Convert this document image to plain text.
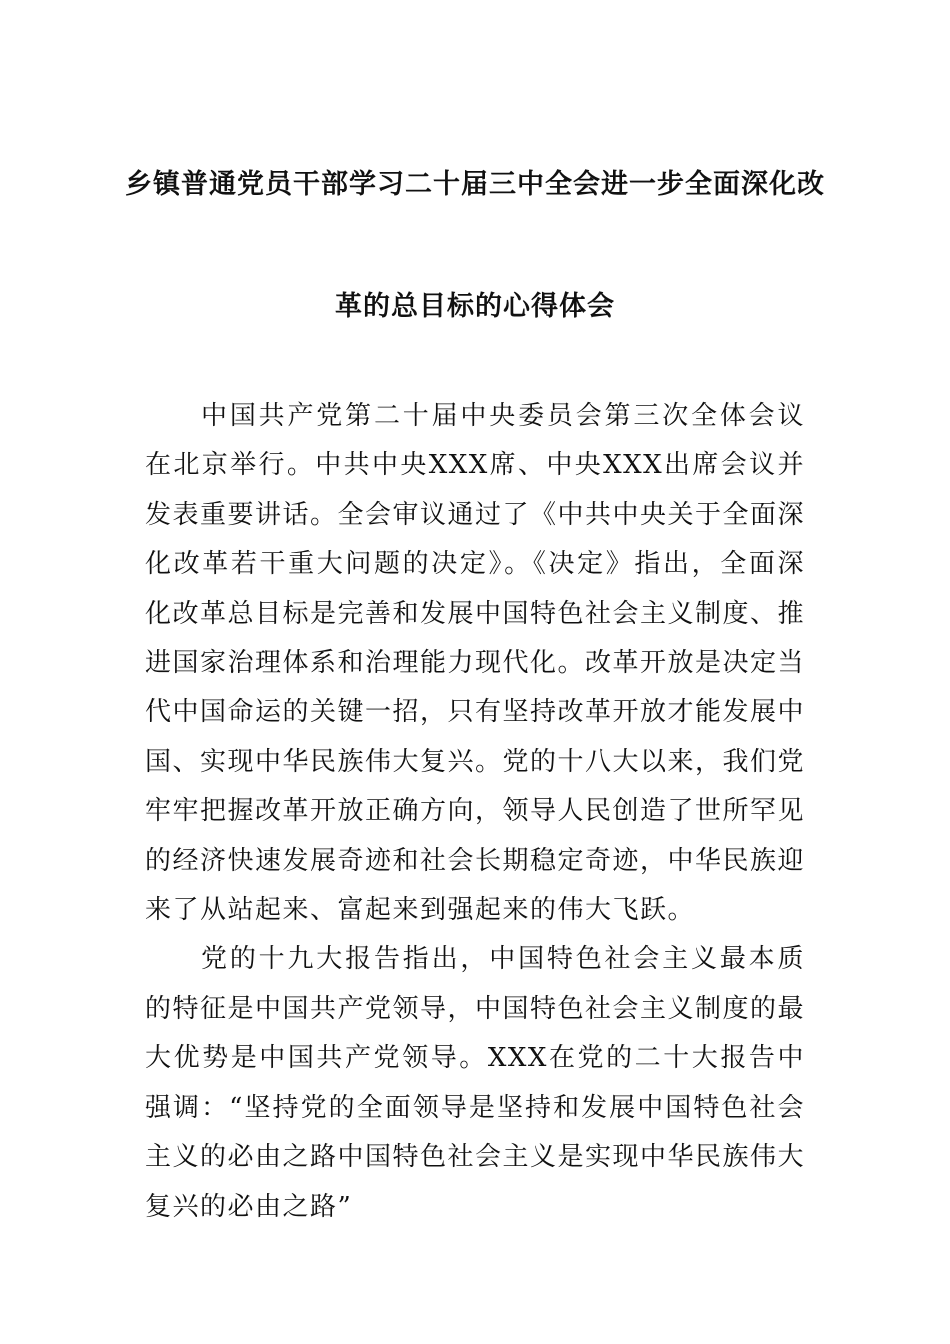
乡镇普通党员干部学习二十届三中全会进一步全面深化改
革的总目标的心得体会

中国共产党第二十届中央委员会第三次全体会议在北京举行。中共中央XXX席、中央XXX出席会议并发表重要讲话。全会审议通过了《中共中央关于全面深化改革若干重大问题的决定》。《决定》指出，全面深化改革总目标是完善和发展中国特色社会主义制度、推进国家治理体系和治理能力现代化。改革开放是决定当代中国命运的关键一招，只有坚持改革开放才能发展中国、实现中华民族伟大复兴。党的十八大以来，我们党牢牢把握改革开放正确方向，领导人民创造了世所罕见的经济快速发展奇迹和社会长期稳定奇迹，中华民族迎来了从站起来、富起来到强起来的伟大飞跃。

党的十九大报告指出，中国特色社会主义最本质的特征是中国共产党领导，中国特色社会主义制度的最大优势是中国共产党领导。XXX在党的二十大报告中强调：“坚持党的全面领导是坚持和发展中国特色社会主义的必由之路中国特色社会主义是实现中华民族伟大复兴的必由之路”
